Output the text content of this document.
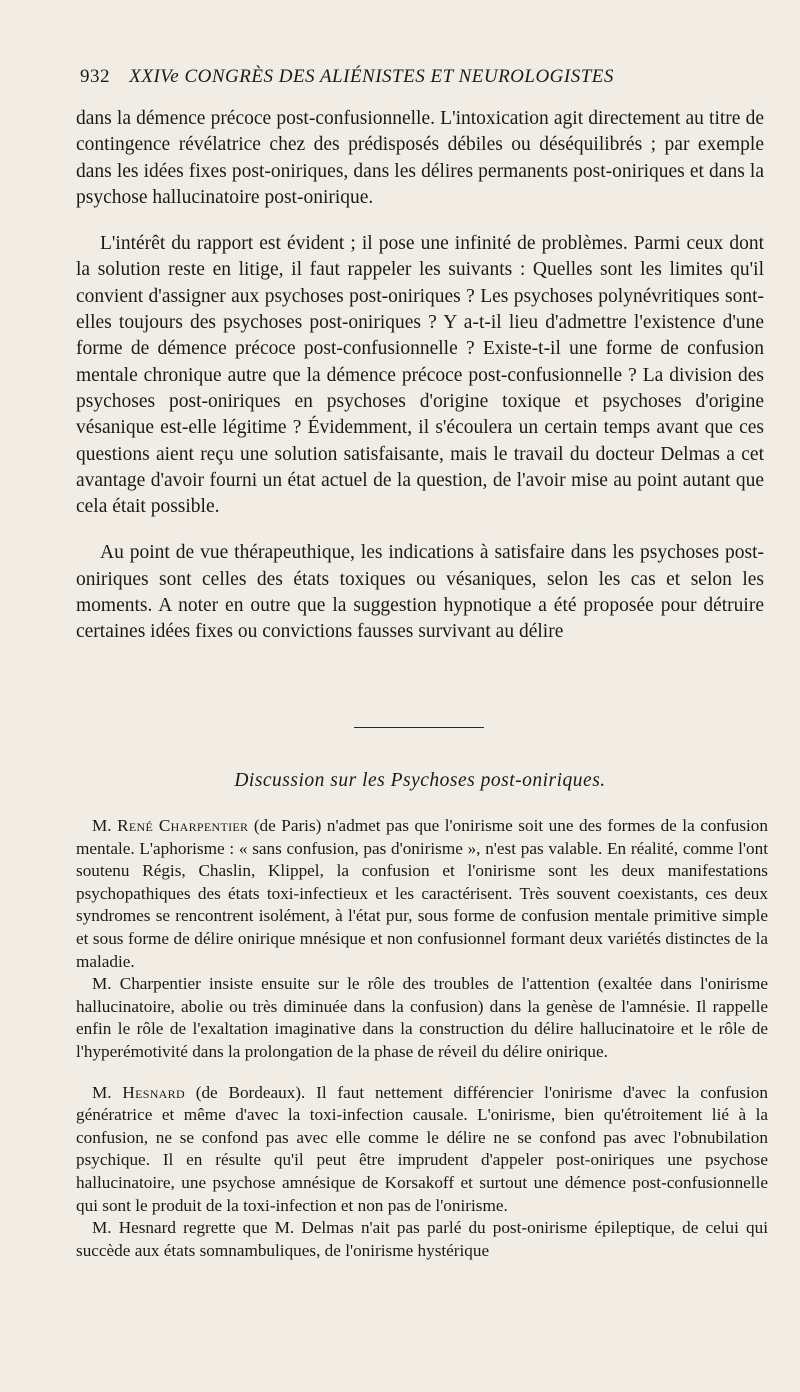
932 XXIVe CONGRÈS DES ALIÉNISTES ET NEUROLOGISTES

dans la démence précoce post-confusionnelle. L'intoxication agit directement au titre de contingence révélatrice chez des prédisposés débiles ou déséquilibrés ; par exemple dans les idées fixes post-oniriques, dans les délires permanents post-oniriques et dans la psychose hallucinatoire post-onirique.

L'intérêt du rapport est évident ; il pose une infinité de problèmes. Parmi ceux dont la solution reste en litige, il faut rappeler les suivants : Quelles sont les limites qu'il convient d'assigner aux psychoses post-oniriques ? Les psychoses polynévritiques sont-elles toujours des psychoses post-oniriques ? Y a-t-il lieu d'admettre l'existence d'une forme de démence précoce post-confusionnelle ? Existe-t-il une forme de confusion mentale chronique autre que la démence précoce post-confusionnelle ? La division des psychoses post-oniriques en psychoses d'origine toxique et psychoses d'origine vésanique est-elle légitime ? Évidemment, il s'écoulera un certain temps avant que ces questions aient reçu une solution satisfaisante, mais le travail du docteur Delmas a cet avantage d'avoir fourni un état actuel de la question, de l'avoir mise au point autant que cela était possible.

Au point de vue thérapeuthique, les indications à satisfaire dans les psychoses post-oniriques sont celles des états toxiques ou vésaniques, selon les cas et selon les moments. A noter en outre que la suggestion hypnotique a été proposée pour détruire certaines idées fixes ou convictions fausses survivant au délire

Discussion sur les Psychoses post-oniriques.

M. René Charpentier (de Paris) n'admet pas que l'onirisme soit une des formes de la confusion mentale. L'aphorisme : « sans confusion, pas d'onirisme », n'est pas valable. En réalité, comme l'ont soutenu Régis, Chaslin, Klippel, la confusion et l'onirisme sont les deux manifestations psychopathiques des états toxi-infectieux et les caractérisent. Très souvent coexistants, ces deux syndromes se rencontrent isolément, à l'état pur, sous forme de confusion mentale primitive simple et sous forme de délire onirique mnésique et non confusionnel formant deux variétés distinctes de la maladie.

M. Charpentier insiste ensuite sur le rôle des troubles de l'attention (exaltée dans l'onirisme hallucinatoire, abolie ou très diminuée dans la confusion) dans la genèse de l'amnésie. Il rappelle enfin le rôle de l'exaltation imaginative dans la construction du délire hallucinatoire et le rôle de l'hyperémotivité dans la prolongation de la phase de réveil du délire onirique.

M. Hesnard (de Bordeaux). Il faut nettement différencier l'onirisme d'avec la confusion génératrice et même d'avec la toxi-infection causale. L'onirisme, bien qu'étroitement lié à la confusion, ne se confond pas avec elle comme le délire ne se confond pas avec l'obnubilation psychique. Il en résulte qu'il peut être imprudent d'appeler post-oniriques une psychose hallucinatoire, une psychose amnésique de Korsakoff et surtout une démence post-confusionnelle qui sont le produit de la toxi-infection et non pas de l'onirisme.

M. Hesnard regrette que M. Delmas n'ait pas parlé du post-onirisme épileptique, de celui qui succède aux états somnambuliques, de l'onirisme hystérique
